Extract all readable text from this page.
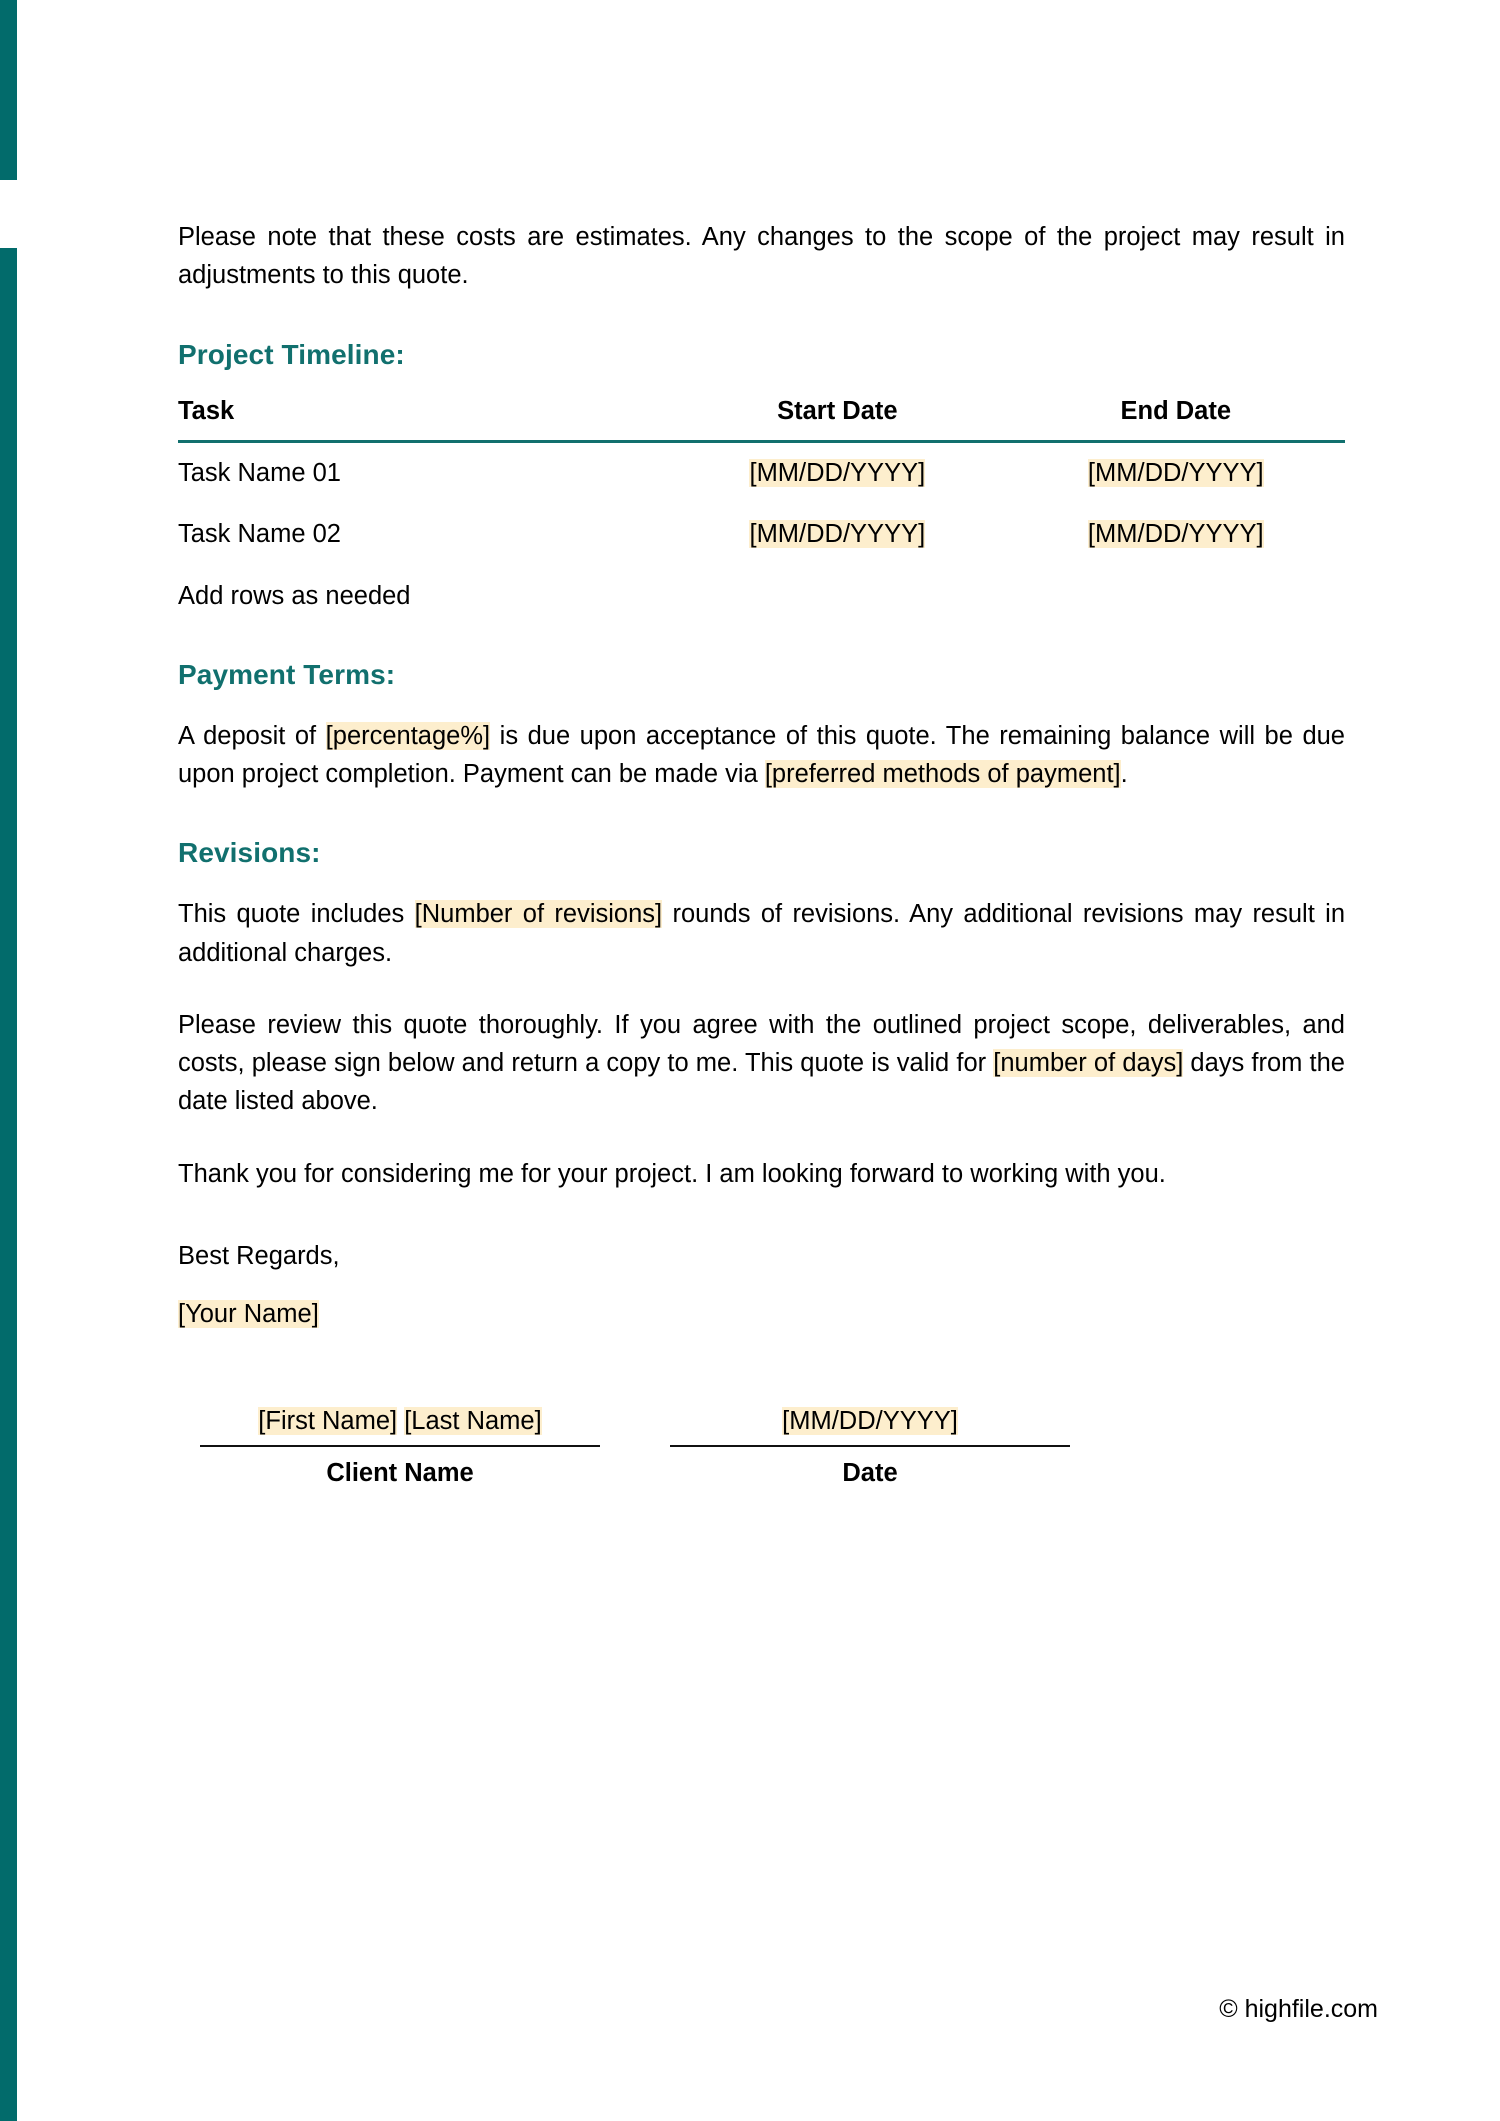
Please note that these costs are estimates. Any changes to the scope of the project may result in adjustments to this quote.

Project Timeline:
Task	Start Date	End Date
Task Name 01	[MM/DD/YYYY]	[MM/DD/YYYY]
Task Name 02	[MM/DD/YYYY]	[MM/DD/YYYY]

Add rows as needed

Payment Terms:

A deposit of [percentage%] is due upon acceptance of this quote. The remaining balance will be due upon project completion. Payment can be made via [preferred methods of payment].

Revisions:

This quote includes [Number of revisions] rounds of revisions. Any additional revisions may result in additional charges.

Please review this quote thoroughly. If you agree with the outlined project scope, deliverables, and costs, please sign below and return a copy to me. This quote is valid for [number of days] days from the date listed above.

Thank you for considering me for your project. I am looking forward to working with you.

Best Regards,

[Your Name]

[First Name] [Last Name]
Client Name
[MM/DD/YYYY]
Date
© highfile.com
